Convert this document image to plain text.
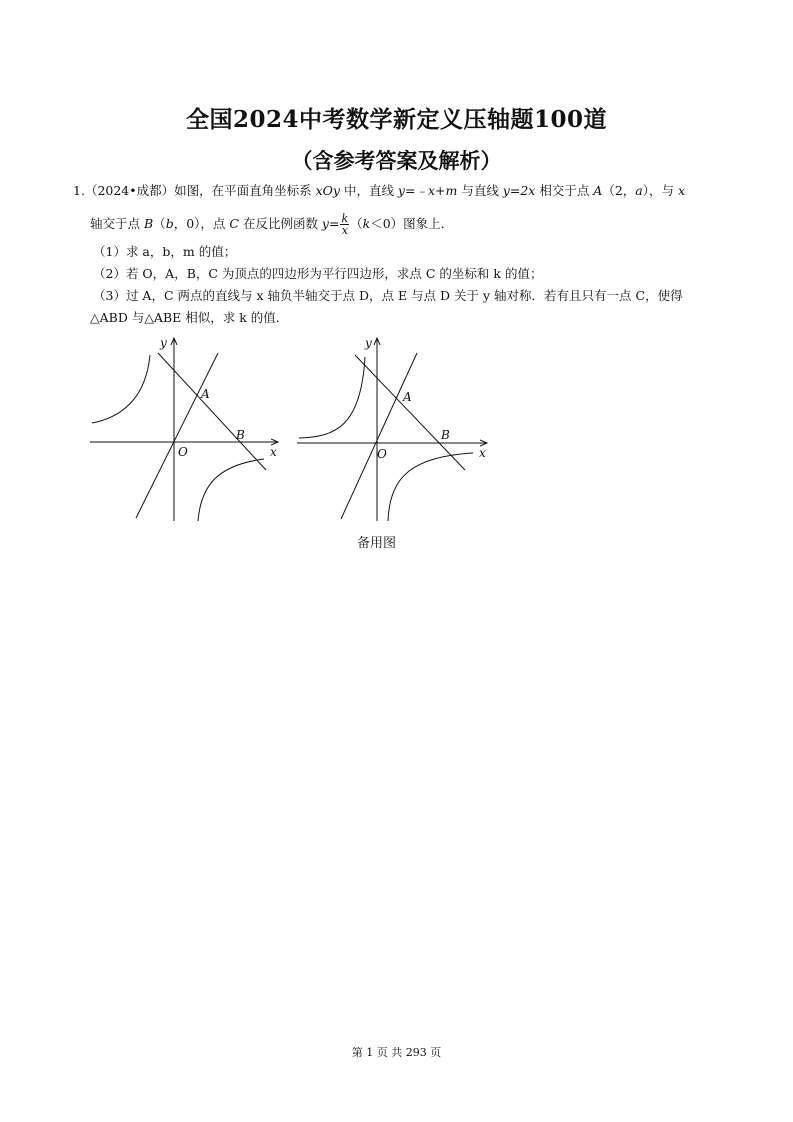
全国2024中考数学新定义压轴题100道
（含参考答案及解析）
1.（2024•成都）如图，在平面直角坐标系 xOy 中，直线 y=﹣x+m 与直线 y=2x 相交于点 A（2，a），与 x
轴交于点 B（b，0），点 C 在反比例函数 $y= \frac{k}{x} (k<0)$图象上．
（1）求 a，b，m 的值；
（2）若 O，A，B，C 为顶点的四边形为平行四边形，求点 C 的坐标和 k 的值；
（3）过 A，C 两点的直线与 x 轴负半轴交于点 D，点 E 与点 D 关于 y 轴对称．若有且只有一点 C，使得
△ABD 与△ABE 相似，求 k 的值．
y
x
A
B
O
y
x
A
B
O
备用图
第 1 页 共 293 页
